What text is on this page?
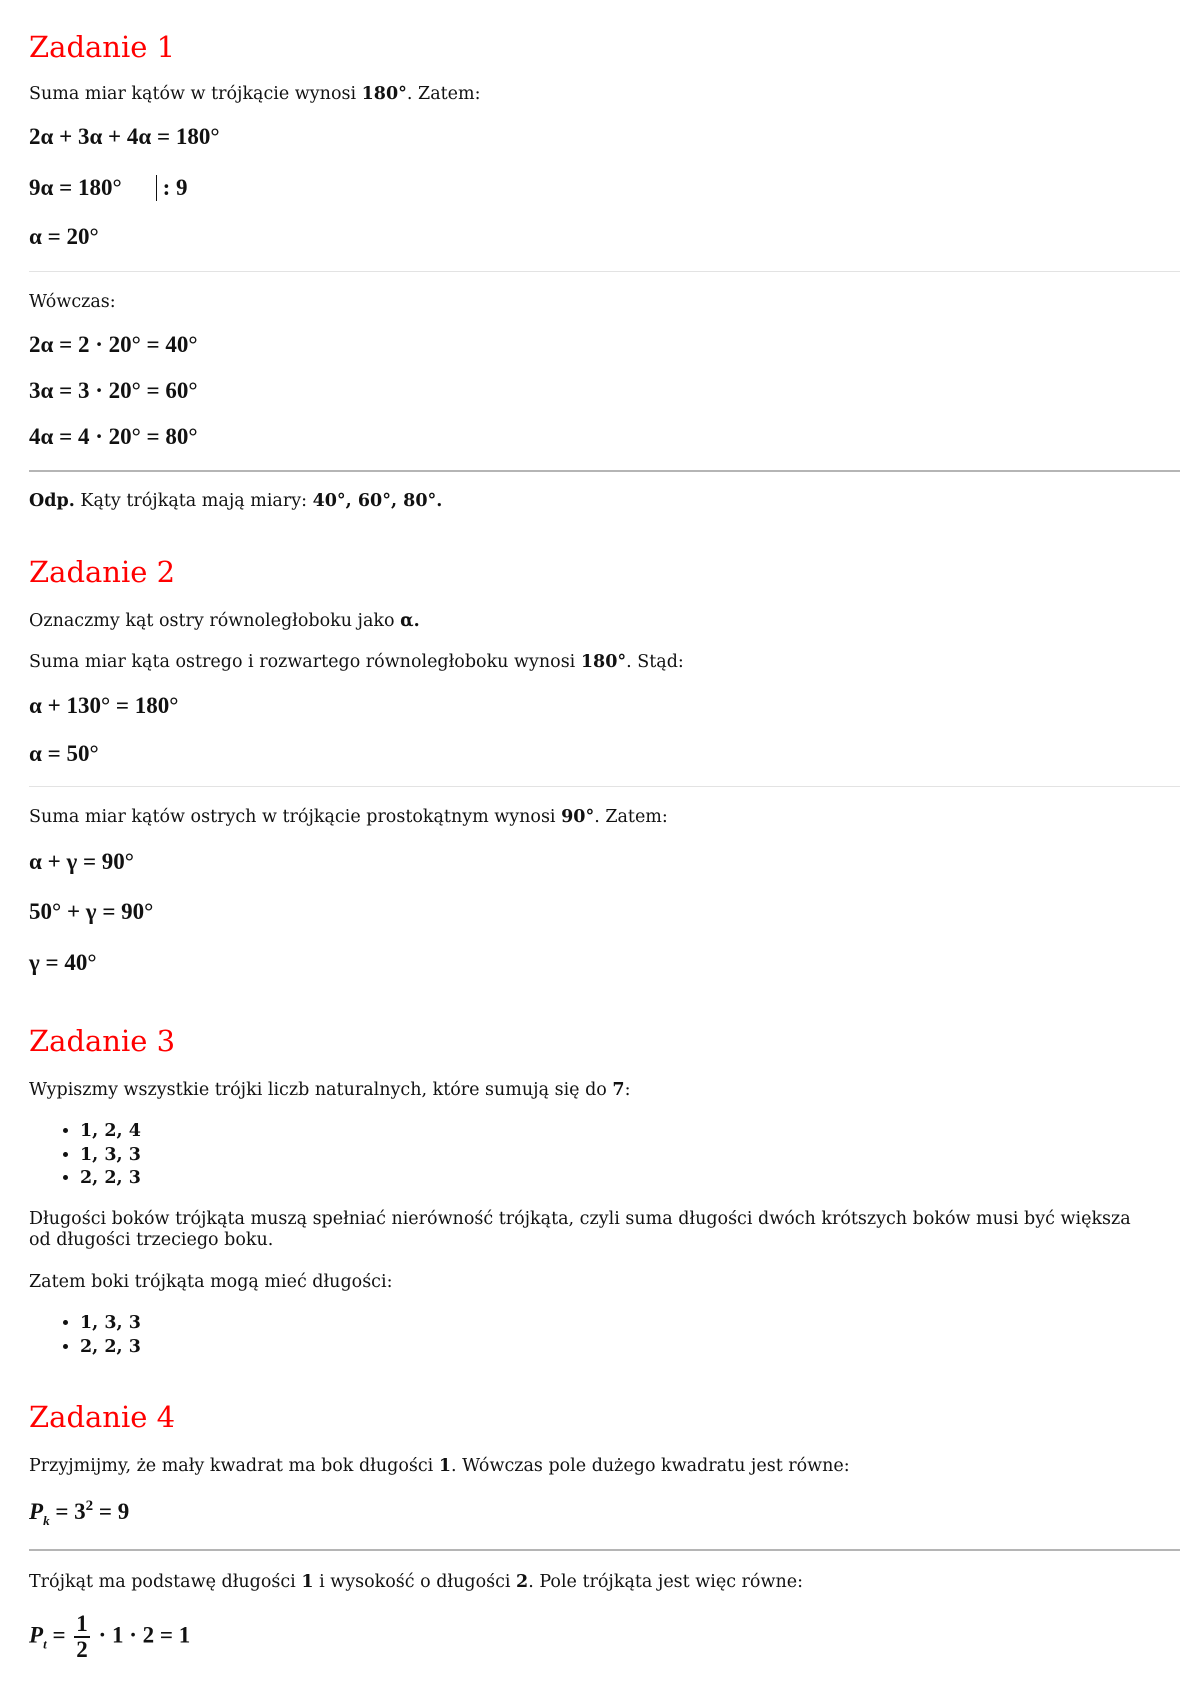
Zadanie 1

Suma miar kątów w trójkącie wynosi 180°. Zatem:

2α + 3α + 4α = 180°
9α = 180° : 9
α = 20°

Wówczas:

2α = 2 · 20° = 40°
3α = 3 · 20° = 60°
4α = 4 · 20° = 80°

Odp. Kąty trójkąta mają miary: 40°, 60°, 80°.

Zadanie 2

Oznaczmy kąt ostry równoległoboku jako α.

Suma miar kąta ostrego i rozwartego równoległoboku wynosi 180°. Stąd:

α + 130° = 180°
α = 50°

Suma miar kątów ostrych w trójkącie prostokątnym wynosi 90°. Zatem:

α + γ = 90°
50° + γ = 90°
γ = 40°
Zadanie 3

Wypiszmy wszystkie trójki liczb naturalnych, które sumują się do 7:

• 1, 2, 4
• 1, 3, 3
• 2, 2, 3

Długości boków trójkąta muszą spełniać nierówność trójkąta, czyli suma długości dwóch krótszych boków musi być większa od długości trzeciego boku.

Zatem boki trójkąta mogą mieć długości:

• 1, 3, 3
• 2, 2, 3
Zadanie 4

Przyjmijmy, że mały kwadrat ma bok długości 1. Wówczas pole dużego kwadratu jest równe:

$P_k = 3^2 = 9$

Trójkąt ma podstawę długości 1 i wysokość o długości 2. Pole trójkąta jest więc równe:

$P_t = \frac{1}{2} \cdot 1 \cdot 2 = 1$
